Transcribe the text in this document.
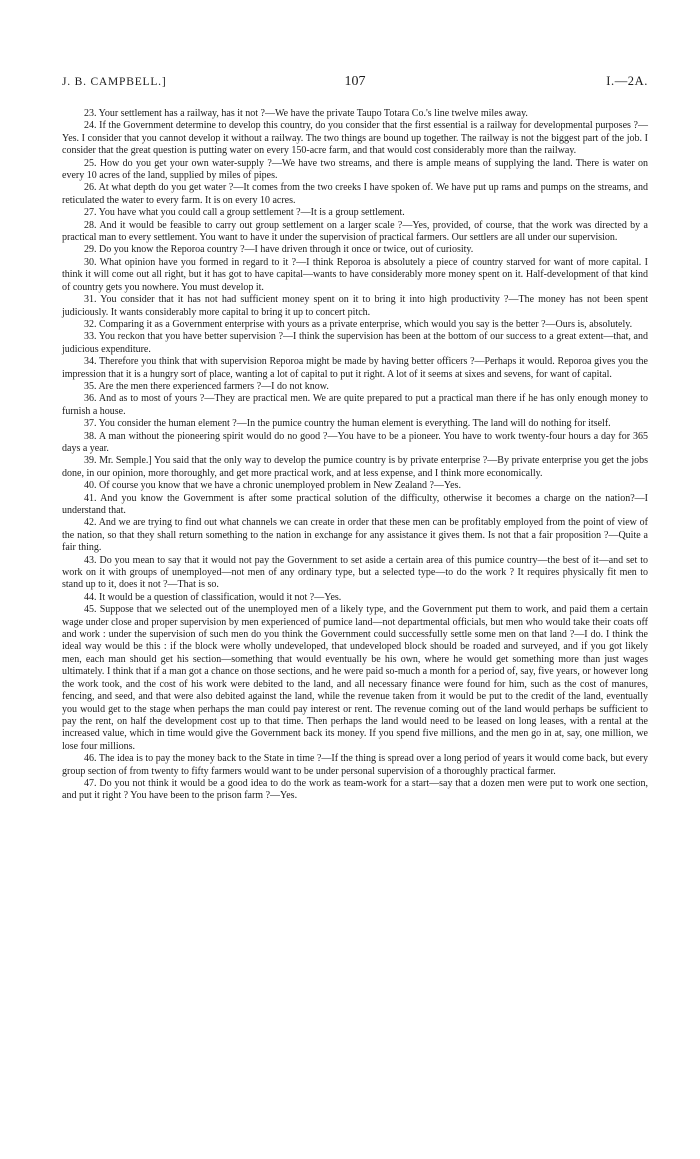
J. B. CAMPBELL.]	107	I.—2A.

23. Your settlement has a railway, has it not ?—We have the private Taupo Totara Co.'s line twelve miles away.

24. If the Government determine to develop this country, do you consider that the first essential is a railway for developmental purposes ?—Yes. I consider that you cannot develop it without a railway. The two things are bound up together. The railway is not the biggest part of the job. I consider that the great question is putting water on every 150-acre farm, and that would cost considerably more than the railway.

25. How do you get your own water-supply ?—We have two streams, and there is ample means of supplying the land. There is water on every 10 acres of the land, supplied by miles of pipes.

26. At what depth do you get water ?—It comes from the two creeks I have spoken of. We have put up rams and pumps on the streams, and reticulated the water to every farm. It is on every 10 acres.

27. You have what you could call a group settlement ?—It is a group settlement.

28. And it would be feasible to carry out group settlement on a larger scale ?—Yes, provided, of course, that the work was directed by a practical man to every settlement. You want to have it under the supervision of practical farmers. Our settlers are all under our supervision.

29. Do you know the Reporoa country ?—I have driven through it once or twice, out of curiosity.

30. What opinion have you formed in regard to it ?—I think Reporoa is absolutely a piece of country starved for want of more capital. I think it will come out all right, but it has got to have capital—wants to have considerably more money spent on it. Half-development of that kind of country gets you nowhere. You must develop it.

31. You consider that it has not had sufficient money spent on it to bring it into high productivity ?—The money has not been spent judiciously. It wants considerably more capital to bring it up to concert pitch.

32. Comparing it as a Government enterprise with yours as a private enterprise, which would you say is the better ?—Ours is, absolutely.

33. You reckon that you have better supervision ?—I think the supervision has been at the bottom of our success to a great extent—that, and judicious expenditure.

34. Therefore you think that with supervision Reporoa might be made by having better officers ?—Perhaps it would. Reporoa gives you the impression that it is a hungry sort of place, wanting a lot of capital to put it right. A lot of it seems at sixes and sevens, for want of capital.

35. Are the men there experienced farmers ?—I do not know.

36. And as to most of yours ?—They are practical men. We are quite prepared to put a practical man there if he has only enough money to furnish a house.

37. You consider the human element ?—In the pumice country the human element is everything. The land will do nothing for itself.

38. A man without the pioneering spirit would do no good ?—You have to be a pioneer. You have to work twenty-four hours a day for 365 days a year.

39. Mr. Semple.] You said that the only way to develop the pumice country is by private enterprise ?—By private enterprise you get the jobs done, in our opinion, more thoroughly, and get more practical work, and at less expense, and I think more economically.

40. Of course you know that we have a chronic unemployed problem in New Zealand ?—Yes.

41. And you know the Government is after some practical solution of the difficulty, otherwise it becomes a charge on the nation?—I understand that.

42. And we are trying to find out what channels we can create in order that these men can be profitably employed from the point of view of the nation, so that they shall return something to the nation in exchange for any assistance it gives them. Is not that a fair proposition ?—Quite a fair thing.

43. Do you mean to say that it would not pay the Government to set aside a certain area of this pumice country—the best of it—and set to work on it with groups of unemployed—not men of any ordinary type, but a selected type—to do the work ? It requires physically fit men to stand up to it, does it not ?—That is so.

44. It would be a question of classification, would it not ?—Yes.

45. Suppose that we selected out of the unemployed men of a likely type, and the Government put them to work, and paid them a certain wage under close and proper supervision by men experienced of pumice land—not departmental officials, but men who would take their coats off and work : under the supervision of such men do you think the Government could successfully settle some men on that land ?—I do. I think the ideal way would be this : if the block were wholly undeveloped, that undeveloped block should be roaded and surveyed, and if you got likely men, each man should get his section—something that would eventually be his own, where he would get something more than just wages ultimately. I think that if a man got a chance on those sections, and he were paid so-much a month for a period of, say, five years, or however long the work took, and the cost of his work were debited to the land, and all necessary finance were found for him, such as the cost of manures, fencing, and seed, and that were also debited against the land, while the revenue taken from it would be put to the credit of the land, eventually you would get to the stage when perhaps the man could pay interest or rent. The revenue coming out of the land would perhaps be sufficient to pay the rent, on half the development cost up to that time. Then perhaps the land would need to be leased on long leases, with a rental at the increased value, which in time would give the Government back its money. If you spend five millions, and the men go in at, say, one million, we lose four millions.

46. The idea is to pay the money back to the State in time ?—If the thing is spread over a long period of years it would come back, but every group section of from twenty to fifty farmers would want to be under personal supervision of a thoroughly practical farmer.

47. Do you not think it would be a good idea to do the work as team-work for a start—say that a dozen men were put to work one section, and put it right ? You have been to the prison farm ?—Yes.
